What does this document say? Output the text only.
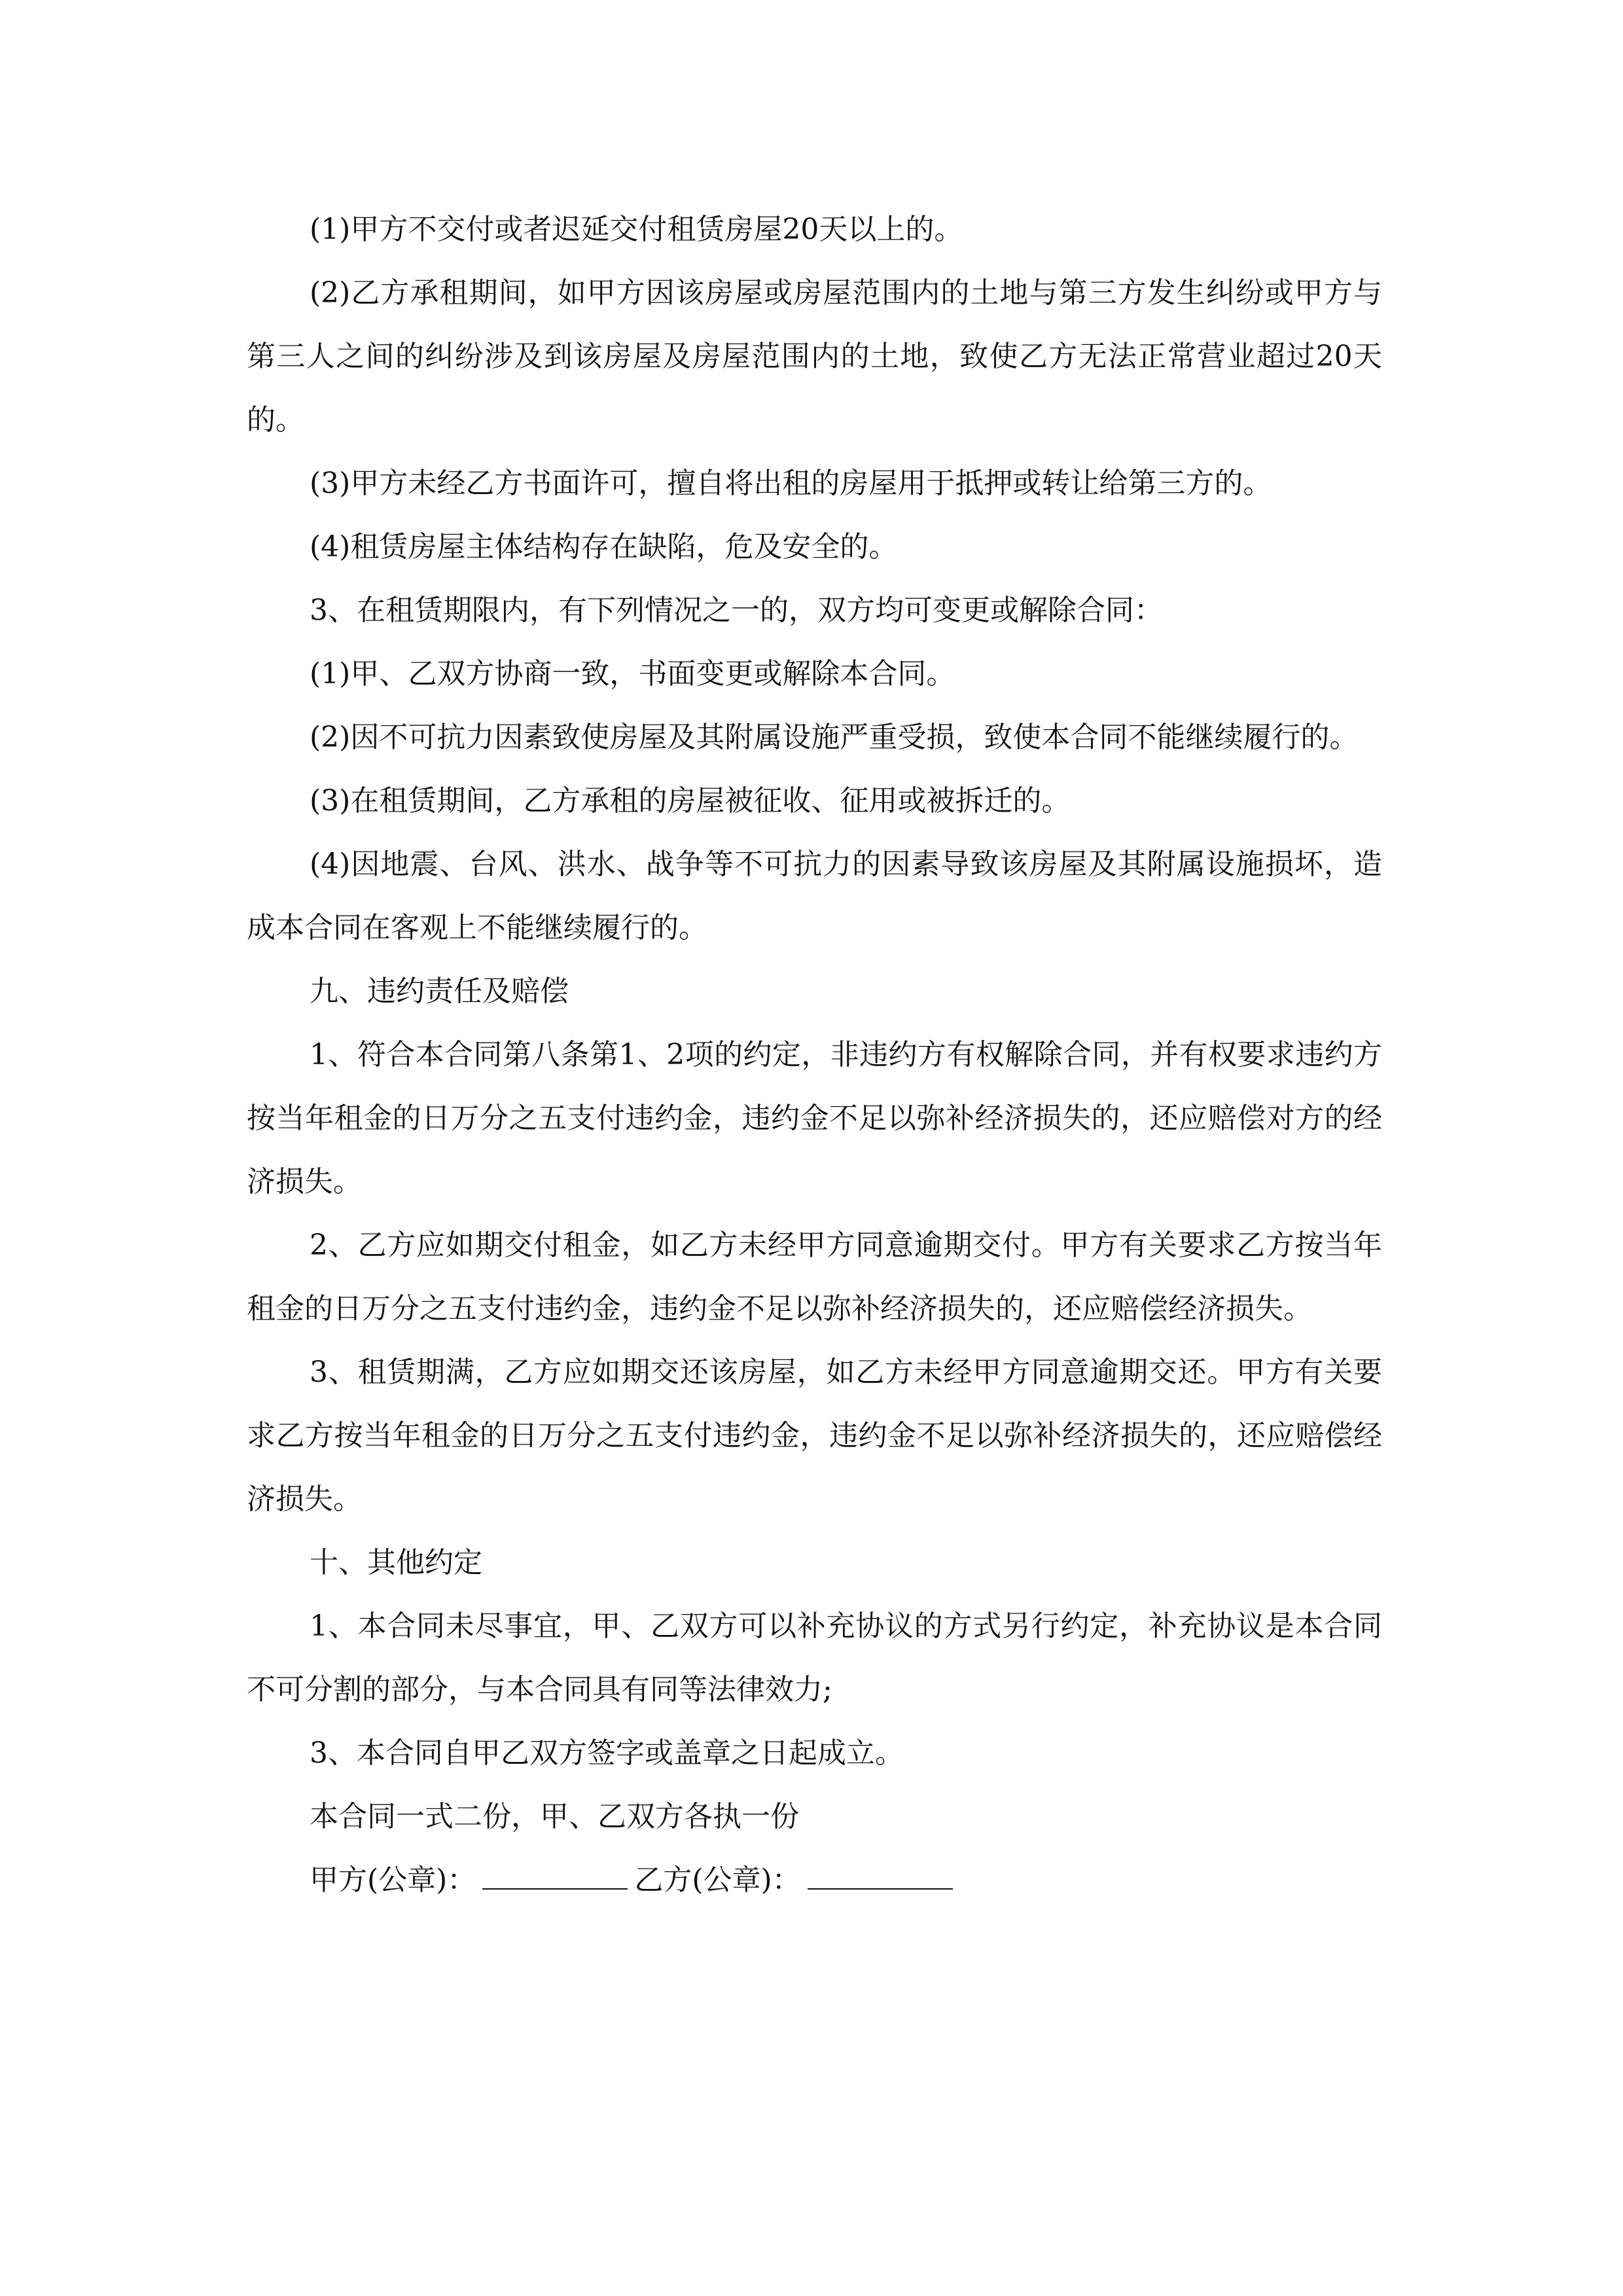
(1)甲方不交付或者迟延交付租赁房屋20天以上的。

(2)乙方承租期间，如甲方因该房屋或房屋范围内的土地与第三方发生纠纷或甲方与第三人之间的纠纷涉及到该房屋及房屋范围内的土地，致使乙方无法正常营业超过20天的。

(3)甲方未经乙方书面许可，擅自将出租的房屋用于抵押或转让给第三方的。

(4)租赁房屋主体结构存在缺陷，危及安全的。

3、在租赁期限内，有下列情况之一的，双方均可变更或解除合同：

(1)甲、乙双方协商一致，书面变更或解除本合同。

(2)因不可抗力因素致使房屋及其附属设施严重受损，致使本合同不能继续履行的。

(3)在租赁期间，乙方承租的房屋被征收、征用或被拆迁的。

(4)因地震、台风、洪水、战争等不可抗力的因素导致该房屋及其附属设施损坏，造成本合同在客观上不能继续履行的。

九、违约责任及赔偿

1、符合本合同第八条第1、2项的约定，非违约方有权解除合同，并有权要求违约方按当年租金的日万分之五支付违约金，违约金不足以弥补经济损失的，还应赔偿对方的经济损失。

2、乙方应如期交付租金，如乙方未经甲方同意逾期交付。甲方有关要求乙方按当年租金的日万分之五支付违约金，违约金不足以弥补经济损失的，还应赔偿经济损失。

3、租赁期满，乙方应如期交还该房屋，如乙方未经甲方同意逾期交还。甲方有关要求乙方按当年租金的日万分之五支付违约金，违约金不足以弥补经济损失的，还应赔偿经济损失。

十、其他约定

1、本合同未尽事宜，甲、乙双方可以补充协议的方式另行约定，补充协议是本合同不可分割的部分，与本合同具有同等法律效力;

3、本合同自甲乙双方签字或盖章之日起成立。

本合同一式二份，甲、乙双方各执一份

甲方(公章)：	乙方(公章)：
